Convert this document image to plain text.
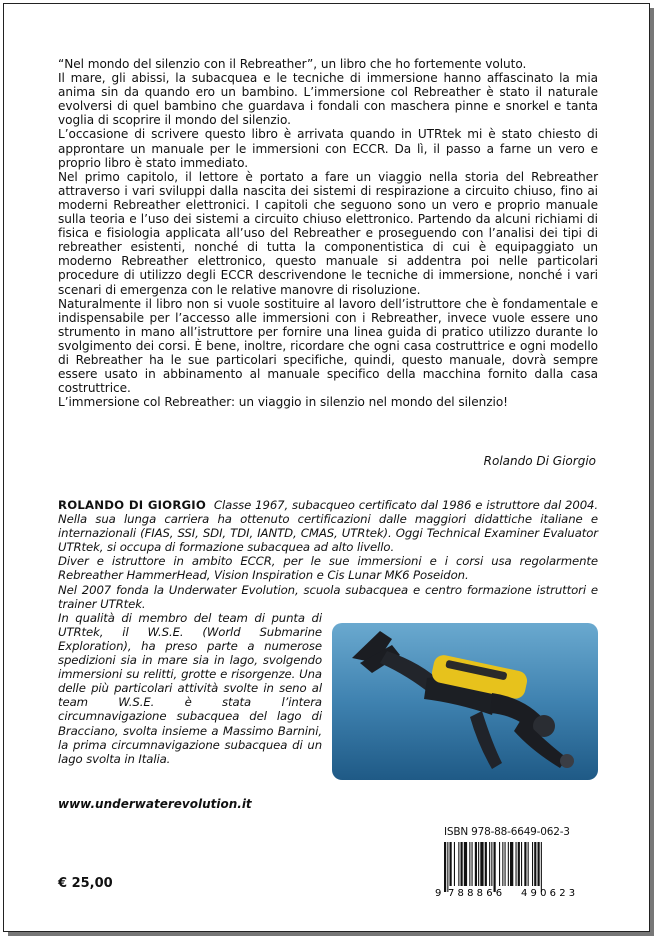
“Nel mondo del silenzio con il Rebreather”, un libro che ho fortemente voluto.
Il mare, gli abissi, la subacquea e le tecniche di immersione hanno affascinato la mia anima sin da quando ero un bambino. L’immersione col Rebreather è stato il naturale evolversi di quel bambino che guardava i fondali con maschera pinne e snorkel e tanta voglia di scoprire il mondo del silenzio.
L’occasione di scrivere questo libro è arrivata quando in UTRtek mi è stato chiesto di approntare un manuale per le immersioni con ECCR. Da lì, il passo a farne un vero e proprio libro è stato immediato.
Nel primo capitolo, il lettore è portato a fare un viaggio nella storia del Rebreather attraverso i vari sviluppi dalla nascita dei sistemi di respirazione a circuito chiuso, fino ai moderni Rebreather elettronici. I capitoli che seguono sono un vero e proprio manuale sulla teoria e l’uso dei sistemi a circuito chiuso elettronico. Partendo da alcuni richiami di fisica e fisiologia applicata all’uso del Rebreather e proseguendo con l’analisi dei tipi di rebreather esistenti, nonché di tutta la componentistica di cui è equipaggiato un moderno Rebreather elettronico, questo manuale si addentra poi nelle particolari procedure di utilizzo degli ECCR descrivendone le tecniche di immersione, nonché i vari scenari di emergenza con le relative manovre di risoluzione.
Naturalmente il libro non si vuole sostituire al lavoro dell’istruttore che è fondamentale e indispensabile per l’accesso alle immersioni con i Rebreather, invece vuole essere uno strumento in mano all’istruttore per fornire una linea guida di pratico utilizzo durante lo svolgimento dei corsi. È bene, inoltre, ricordare che ogni casa costruttrice e ogni modello di Rebreather ha le sue particolari specifiche, quindi, questo manuale, dovrà sempre essere usato in abbinamento al manuale specifico della macchina fornito dalla casa costruttrice.
L’immersione col Rebreather: un viaggio in silenzio nel mondo del silenzio!
Rolando Di Giorgio

ROLANDO DI GIORGIO Classe 1967, subacqueo certificato dal 1986 e istruttore dal 2004. Nella sua lunga carriera ha ottenuto certificazioni dalle maggiori didattiche italiane e internazionali (FIAS, SSI, SDI, TDI, IANTD, CMAS, UTRtek). Oggi Technical Examiner Evaluator UTRtek, si occupa di formazione subacquea ad alto livello.

Diver e istruttore in ambito ECCR, per le sue immersioni e i corsi usa regolarmente Rebreather HammerHead, Vision Inspiration e Cis Lunar MK6 Poseidon.

Nel 2007 fonda la Underwater Evolution, scuola subacquea e centro formazione istruttori e trainer UTRtek.

In qualità di membro del team di punta di UTRtek, il W.S.E. (World Submarine Exploration), ha preso parte a numerose spedizioni sia in mare sia in lago, svolgendo immersioni su relitti, grotte e risorgenze. Una delle più particolari attività svolte in seno al team W.S.E. è stata l’intera circumnavigazione subacquea del lago di Bracciano, svolta insieme a Massimo Barnini, la prima circumnavigazione subacquea di un lago svolta in Italia.

www.underwaterevolution.it
ISBN 978-88-6649-062-3
9 788866 490623
€ 25,00
